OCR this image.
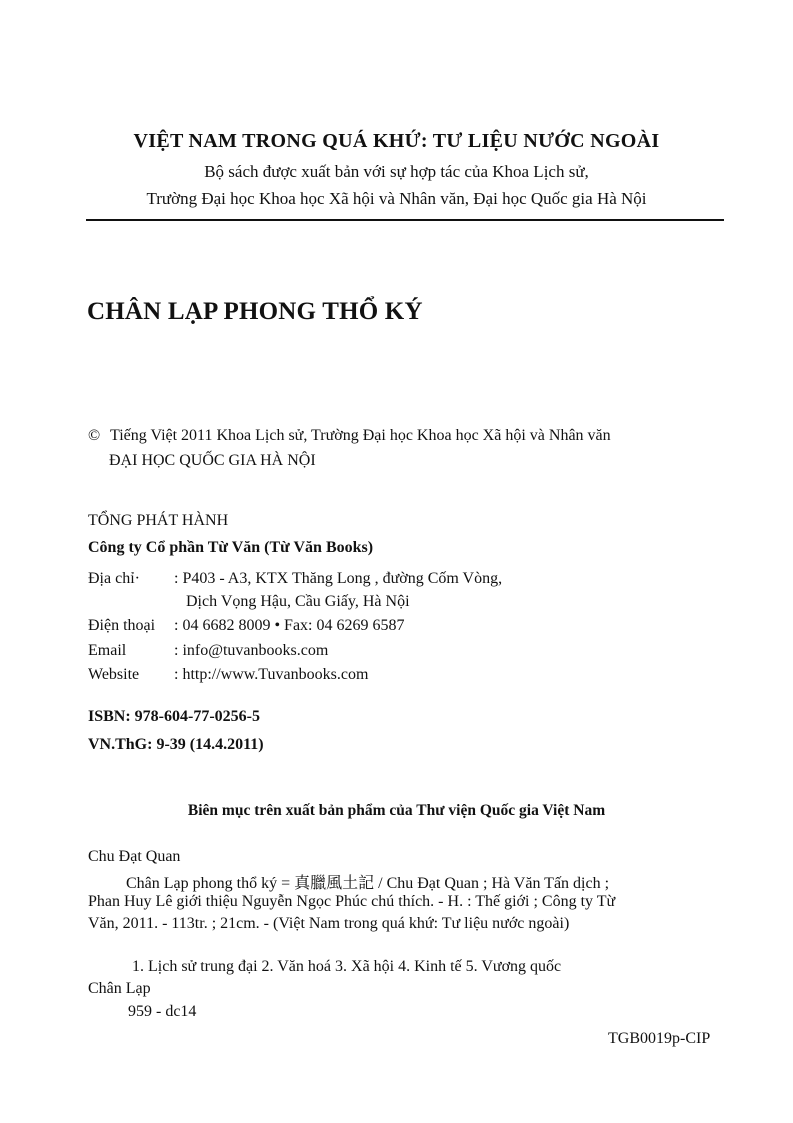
VIỆT NAM TRONG QUÁ KHỨ: TƯ LIỆU NƯỚC NGOÀI
Bộ sách được xuất bản với sự hợp tác của Khoa Lịch sử,
Trường Đại học Khoa học Xã hội và Nhân văn, Đại học Quốc gia Hà Nội
CHÂN LẠP PHONG THỔ KÝ
© Tiếng Việt 2011 Khoa Lịch sử, Trường Đại học Khoa học Xã hội và Nhân văn
ĐẠI HỌC QUỐC GIA HÀ NỘI
TỔNG PHÁT HÀNH
Công ty Cổ phần Từ Văn (Từ Văn Books)
Địa chỉ· : P403 - A3, KTX Thăng Long , đường Cốm Vòng,
Dịch Vọng Hậu, Cầu Giấy, Hà Nội
Điện thoại : 04 6682 8009 • Fax: 04 6269 6587
Email	: info@tuvanbooks.com
Website : http://www.Tuvanbooks.com
ISBN: 978-604-77-0256-5
VN.ThG: 9-39 (14.4.2011)
Biên mục trên xuất bản phẩm của Thư viện Quốc gia Việt Nam
Chu Đạt Quan
Chân Lạp phong thổ ký = 真臘風土記 / Chu Đạt Quan ; Hà Văn Tấn dịch ;
Phan Huy Lê giới thiệu Nguyễn Ngọc Phúc chú thích. - H. : Thế giới ; Công ty Từ
Văn, 2011. - 113tr. ; 21cm. - (Việt Nam trong quá khứ: Tư liệu nước ngoài)
1. Lịch sử trung đại 2. Văn hoá 3. Xã hội 4. Kinh tế 5. Vương quốc
Chân Lạp
959 - dc14
TGB0019p-CIP
